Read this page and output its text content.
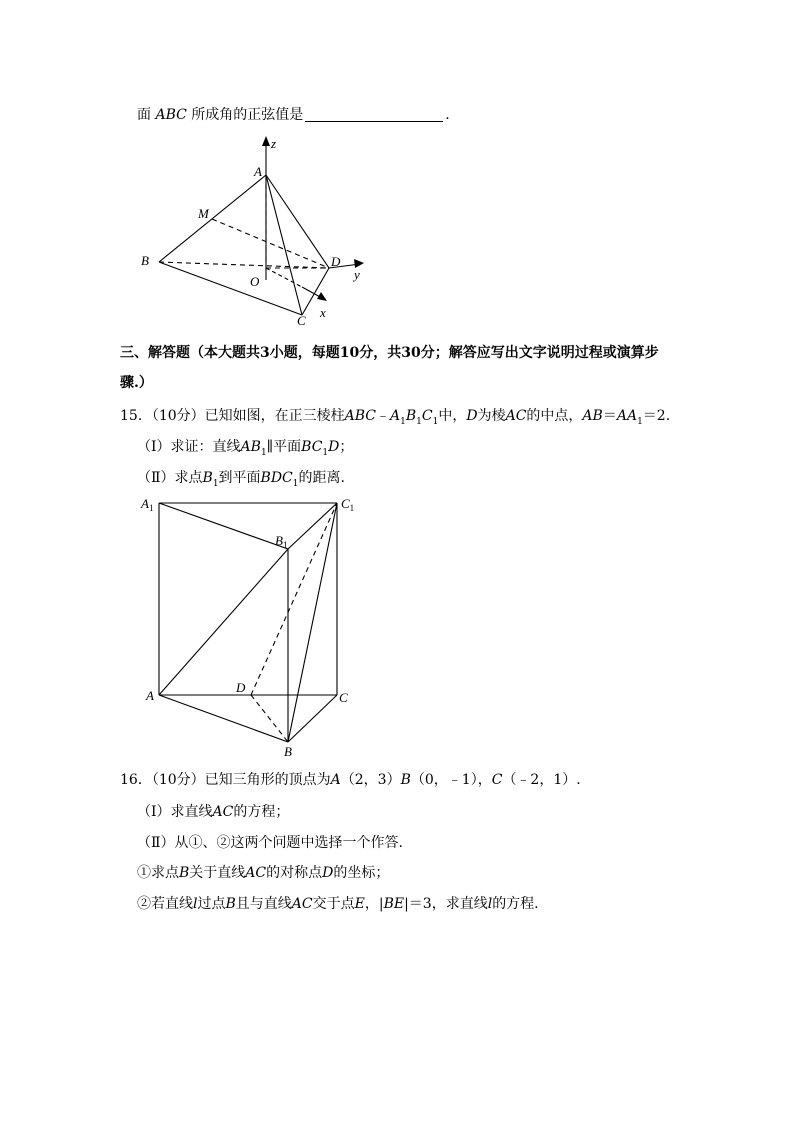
面 ABC 所成角的正弦值是	.
z
A
M
B	D
y
O
x
C
三、解答题（本大题共3小题，每题10分，共30分；解答应写出文字说明过程或演算步
骤.）
15．（10分）已知如图，在正三棱柱$ABC﹣A_1B_1C_1$中，D为棱AC的中点，$AB=AA_1=2$.
（Ⅰ）求证：直线$AB_1\parallel$平面$BC_1D$；
（Ⅱ）求点$B_1$到平面$BDC_1$的距离.
$A_1$	$C_1$
$B_1$
D
A	C
B
16．（10分）已知三角形的顶点为A（2，3）B（0，﹣1），C（﹣2，1）.
（Ⅰ）求直线AC的方程；
（Ⅱ）从①、②这两个问题中选择一个作答.
①求点B关于直线AC的对称点D的坐标；
②若直线l过点B且与直线AC交于点E，|BE|＝3，求直线l的方程.
